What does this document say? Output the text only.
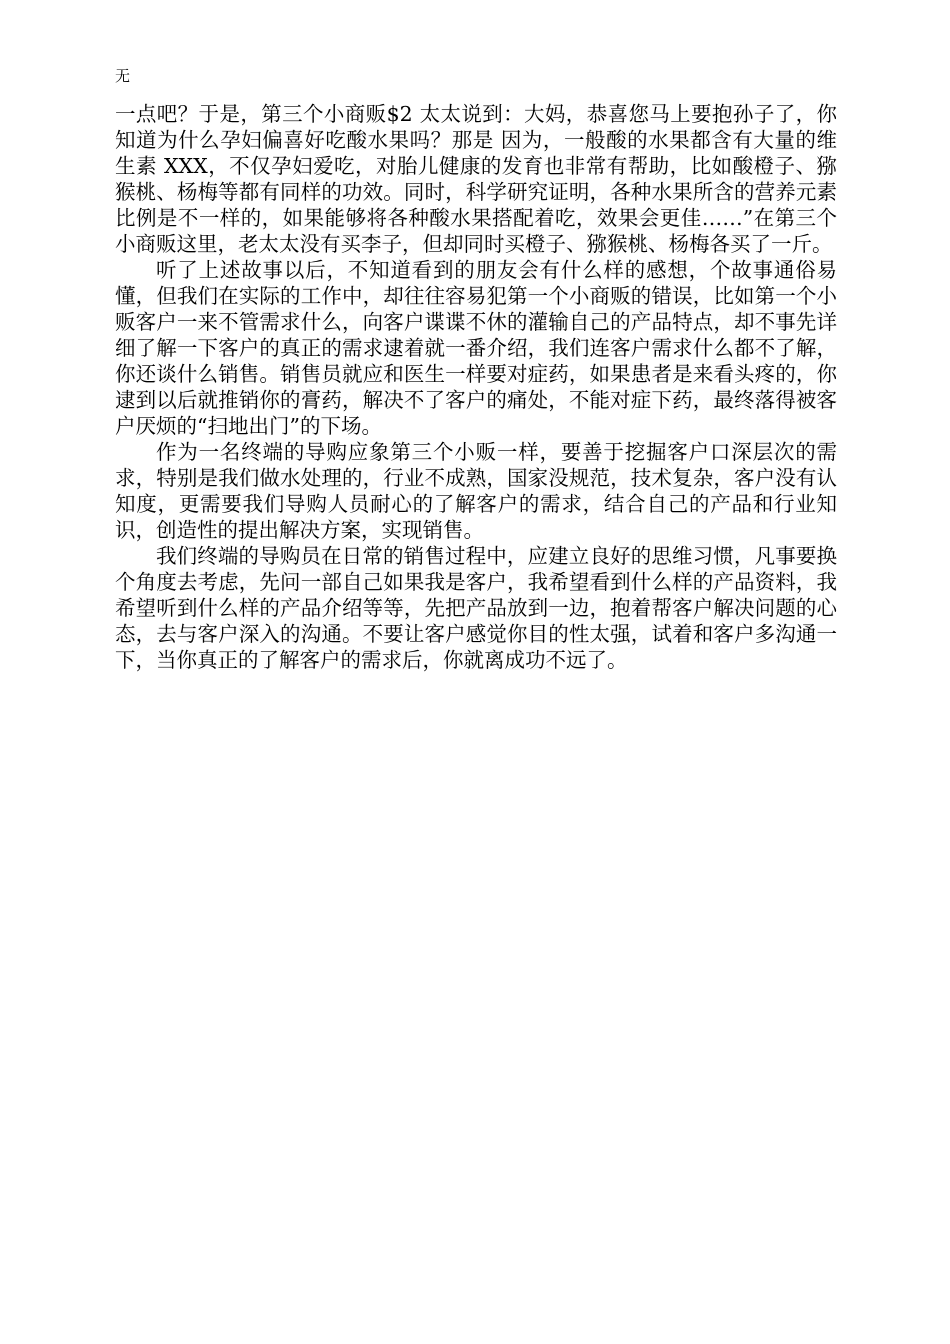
无

一点吧？于是，第三个小商贩$2 太太说到：大妈，恭喜您马上要抱孙子了，你知道为什么孕妇偏喜好吃酸水果吗？那是 因为，一般酸的水果都含有大量的维生素 XXX，不仅孕妇爱吃，对胎儿健康的发育也非常有帮助，比如酸橙子、猕猴桃、杨梅等都有同样的功效。同时，科学研究证明，各种水果所含的营养元素比例是不一样的，如果能够将各种酸水果搭配着吃，效果会更佳……”在第三个小商贩这里，老太太没有买李子，但却同时买橙子、猕猴桃、杨梅各买了一斤。

听了上述故事以后，不知道看到的朋友会有什么样的感想，个故事通俗易懂，但我们在实际的工作中，却往往容易犯第一个小商贩的错误，比如第一个小贩客户一来不管需求什么，向客户谍谍不休的灌输自己的产品特点，却不事先详细了解一下客户的真正的需求逮着就一番介绍，我们连客户需求什么都不了解，你还谈什么销售。销售员就应和医生一样要对症药，如果患者是来看头疼的，你逮到以后就推销你的膏药，解决不了客户的痛处，不能对症下药，最终落得被客户厌烦的“扫地出门”的下场。

作为一名终端的导购应象第三个小贩一样，要善于挖掘客户口深层次的需求，特别是我们做水处理的，行业不成熟，国家没规范，技术复杂，客户没有认知度，更需要我们导购人员耐心的了解客户的需求，结合自己的产品和行业知识，创造性的提出解决方案，实现销售。

我们终端的导购员在日常的销售过程中，应建立良好的思维习惯，凡事要换个角度去考虑，先问一部自己如果我是客户，我希望看到什么样的产品资料，我希望听到什么样的产品介绍等等，先把产品放到一边，抱着帮客户解决问题的心态，去与客户深入的沟通。不要让客户感觉你目的性太强，试着和客户多沟通一下，当你真正的了解客户的需求后，你就离成功不远了。
